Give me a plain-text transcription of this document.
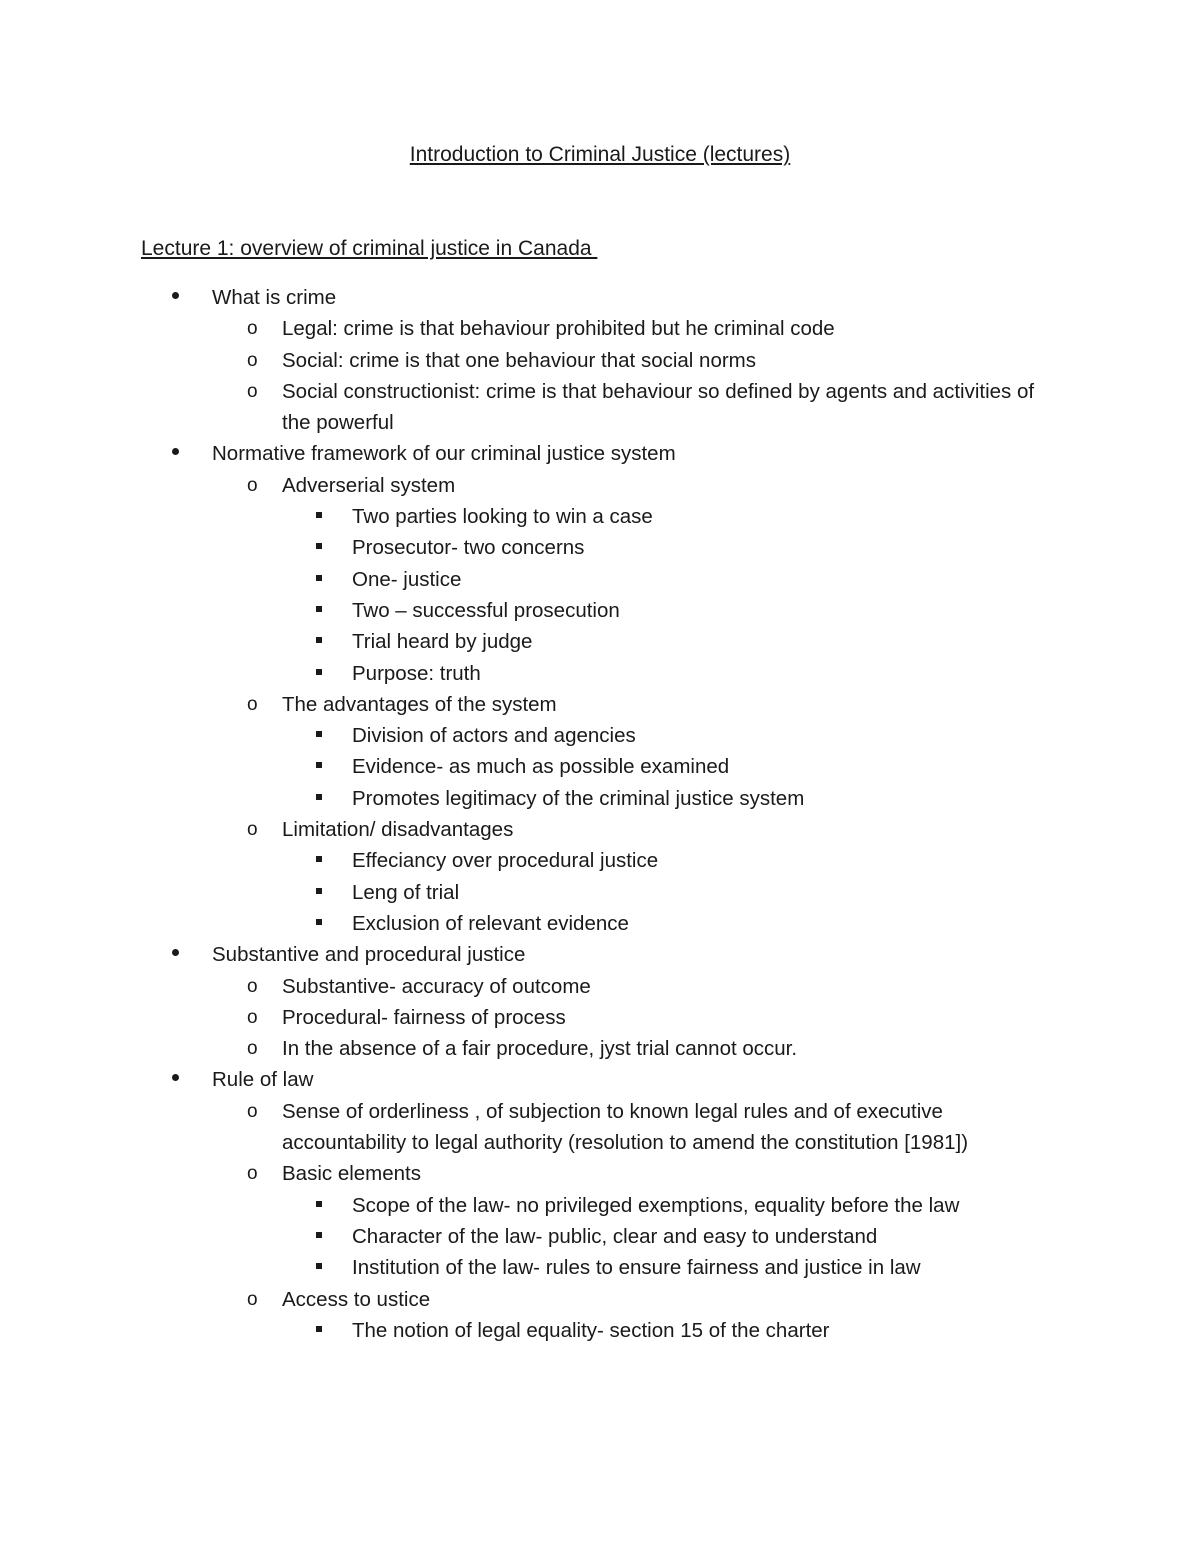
Introduction to Criminal Justice (lectures)
Lecture 1: overview of criminal justice in Canada
What is crime
o
Legal: crime is that behaviour prohibited but he criminal code
o
Social: crime is that one behaviour that social norms
o
Social constructionist: crime is that behaviour so defined by agents and activities of the powerful
Normative framework of our criminal justice system
o
Adverserial system
Two parties looking to win a case
Prosecutor- two concerns
One- justice
Two – successful prosecution
Trial heard by judge
Purpose: truth
o
The advantages of the system
Division of actors and agencies
Evidence- as much as possible examined
Promotes legitimacy of the criminal justice system
o
Limitation/ disadvantages
Effeciancy over procedural justice
Leng of trial
Exclusion of relevant evidence
Substantive and procedural justice
o
Substantive- accuracy of outcome
o
Procedural- fairness of process
o
In the absence of a fair procedure, jyst trial cannot occur.
Rule of law
o
Sense of orderliness , of subjection to known legal rules and of executive accountability to legal authority (resolution to amend the constitution [1981])
o
Basic elements
Scope of the law- no privileged exemptions, equality before the law
Character of the law- public, clear and easy to understand
Institution of the law- rules to ensure fairness and justice in law
o
Access to ustice
The notion of legal equality- section 15 of the charter
